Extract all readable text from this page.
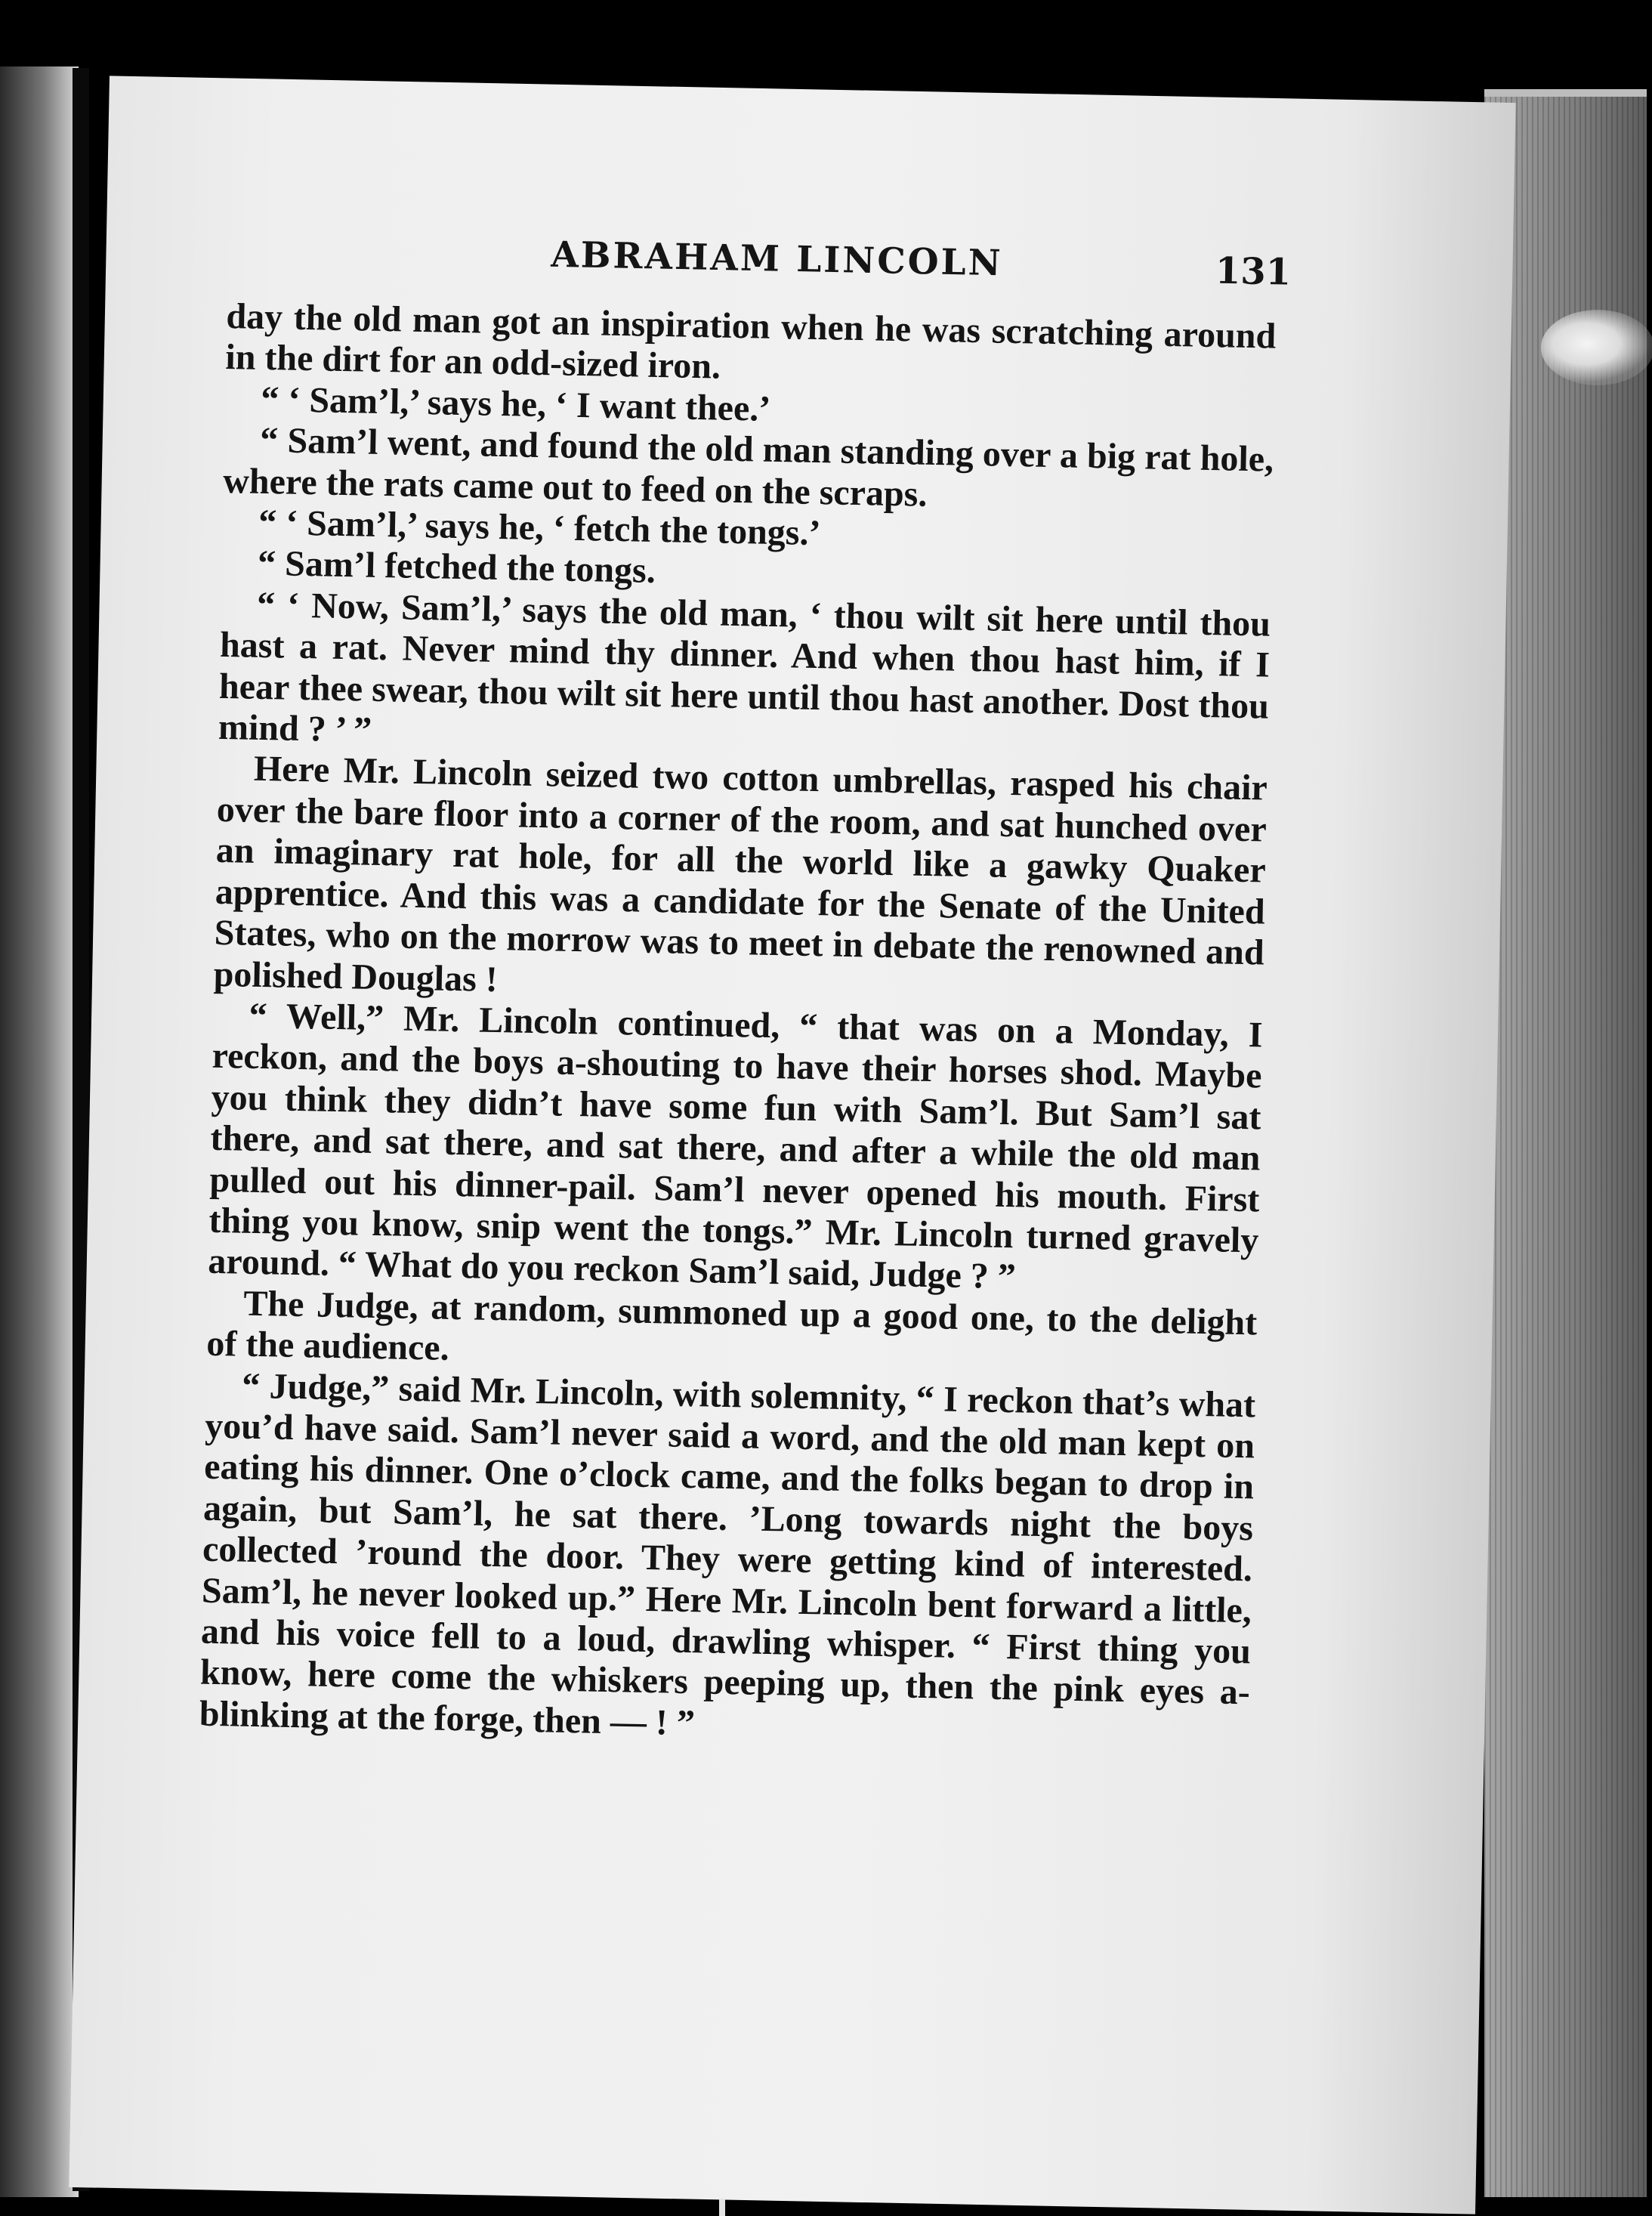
ABRAHAM LINCOLN	131

day the old man got an inspiration when he was scratching around in the dirt for an odd-sized iron.

“ ‘ Sam’l,’ says he, ‘ I want thee.’

“ Sam’l went, and found the old man standing over a big rat hole, where the rats came out to feed on the scraps.

“ ‘ Sam’l,’ says he, ‘ fetch the tongs.’

“ Sam’l fetched the tongs.

“ ‘ Now, Sam’l,’ says the old man, ‘ thou wilt sit here until thou hast a rat. Never mind thy dinner. And when thou hast him, if I hear thee swear, thou wilt sit here until thou hast another. Dost thou mind ? ’ ”

Here Mr. Lincoln seized two cotton umbrellas, rasped his chair over the bare floor into a corner of the room, and sat hunched over an imaginary rat hole, for all the world like a gawky Quaker apprentice. And this was a candidate for the Senate of the United States, who on the morrow was to meet in debate the renowned and polished Douglas !

“ Well,” Mr. Lincoln continued, “ that was on a Monday, I reckon, and the boys a-shouting to have their horses shod. Maybe you think they didn’t have some fun with Sam’l. But Sam’l sat there, and sat there, and sat there, and after a while the old man pulled out his dinner-pail. Sam’l never opened his mouth. First thing you know, snip went the tongs.” Mr. Lincoln turned gravely around. “ What do you reckon Sam’l said, Judge ? ”

The Judge, at random, summoned up a good one, to the delight of the audience.

“ Judge,” said Mr. Lincoln, with solemnity, “ I reckon that’s what you’d have said. Sam’l never said a word, and the old man kept on eating his dinner. One o’clock came, and the folks began to drop in again, but Sam’l, he sat there. ’Long towards night the boys collected ’round the door. They were getting kind of interested. Sam’l, he never looked up.” Here Mr. Lincoln bent forward a little, and his voice fell to a loud, drawling whisper. “ First thing you know, here come the whiskers peeping up, then the pink eyes a-blinking at the forge, then — ! ”
